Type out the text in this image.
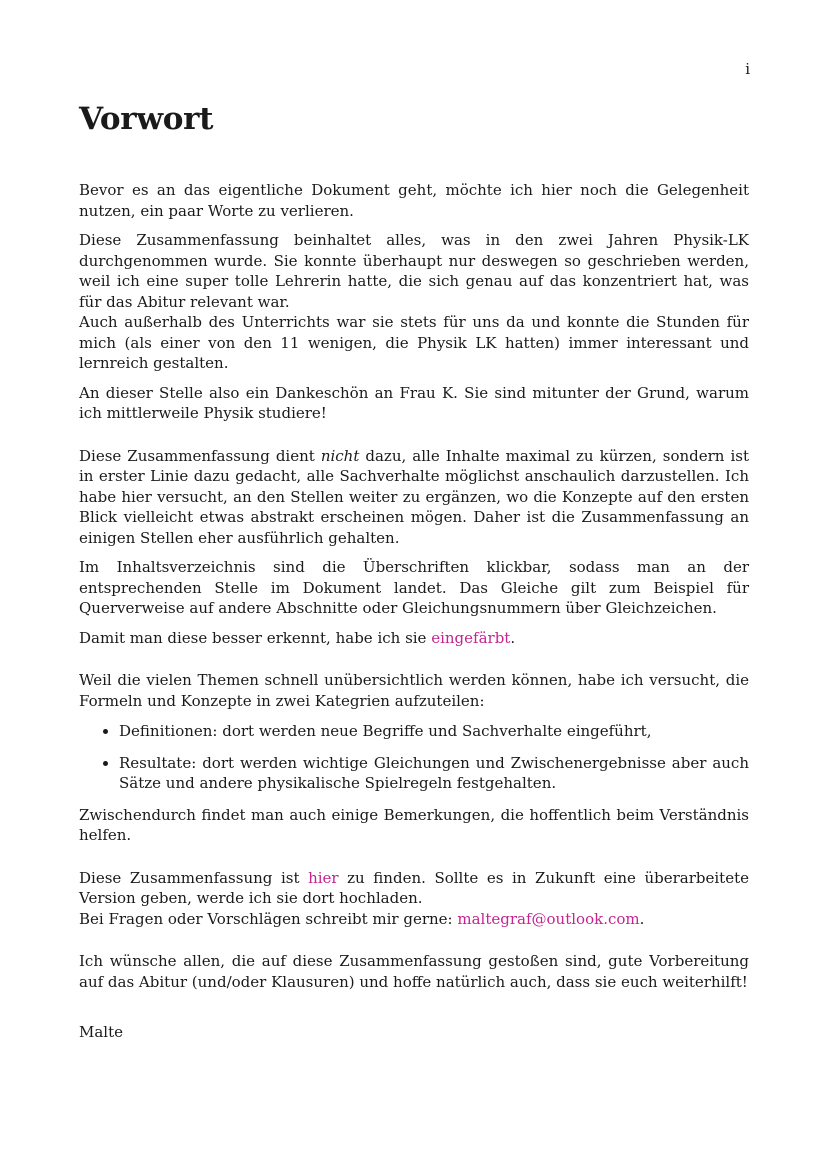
i
Vorwort

Bevor es an das eigentliche Dokument geht, möchte ich hier noch die Gelegenheit nutzen, ein paar Worte zu verlieren.

Diese Zusammenfassung beinhaltet alles, was in den zwei Jahren Physik-LK durchgenommen wurde. Sie konnte überhaupt nur deswegen so geschrieben werden, weil ich eine super tolle Lehrerin hatte, die sich genau auf das konzentriert hat, was für das Abitur relevant war.

Auch außerhalb des Unterrichts war sie stets für uns da und konnte die Stunden für mich (als einer von den 11 wenigen, die Physik LK hatten) immer interessant und lernreich gestalten.

An dieser Stelle also ein Dankeschön an Frau K. Sie sind mitunter der Grund, warum ich mittlerweile Physik studiere!

Diese Zusammenfassung dient nicht dazu, alle Inhalte maximal zu kürzen, sondern ist in erster Linie dazu gedacht, alle Sachverhalte möglichst anschaulich darzustellen. Ich habe hier versucht, an den Stellen weiter zu ergänzen, wo die Konzepte auf den ersten Blick vielleicht etwas abstrakt erscheinen mögen. Daher ist die Zusammenfassung an einigen Stellen eher ausführlich gehalten.

Im Inhaltsverzeichnis sind die Überschriften klickbar, sodass man an der entsprechenden Stelle im Dokument landet. Das Gleiche gilt zum Beispiel für Querverweise auf andere Abschnitte oder Gleichungsnummern über Gleichzeichen.

Damit man diese besser erkennt, habe ich sie eingefärbt.

Weil die vielen Themen schnell unübersichtlich werden können, habe ich versucht, die Formeln und Konzepte in zwei Kategrien aufzuteilen:

• Definitionen: dort werden neue Begriffe und Sachverhalte eingeführt,
• Resultate: dort werden wichtige Gleichungen und Zwischenergebnisse aber auch Sätze und andere physikalische Spielregeln festgehalten.

Zwischendurch findet man auch einige Bemerkungen, die hoffentlich beim Verständnis helfen.

Diese Zusammenfassung ist hier zu finden. Sollte es in Zukunft eine überarbeitete Version geben, werde ich sie dort hochladen.

Bei Fragen oder Vorschlägen schreibt mir gerne: maltegraf@outlook.com.

Ich wünsche allen, die auf diese Zusammenfassung gestoßen sind, gute Vorbereitung auf das Abitur (und/oder Klausuren) und hoffe natürlich auch, dass sie euch weiterhilft!

Malte
